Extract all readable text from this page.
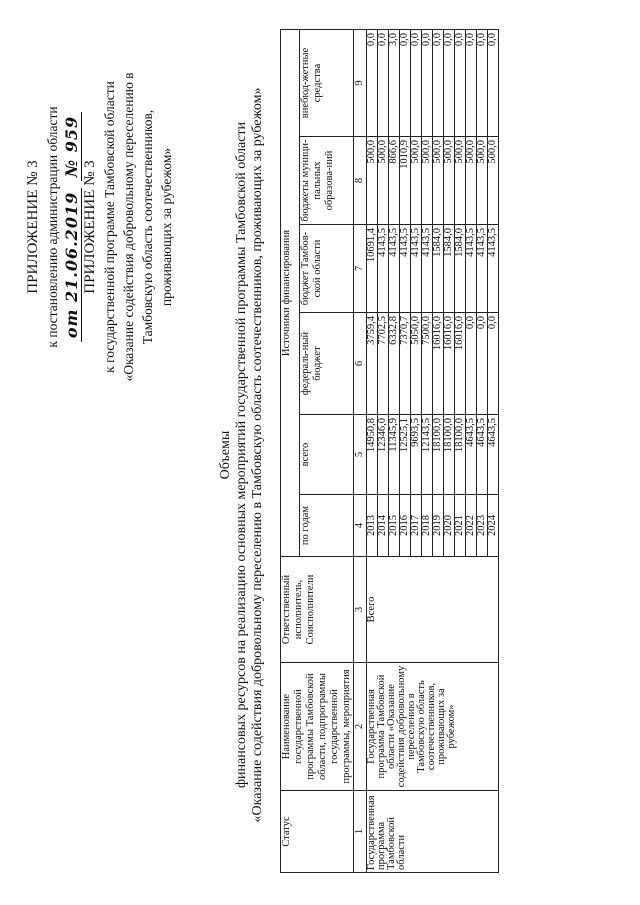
ПРИЛОЖЕНИЕ № 3 к постановлению администрации области от 21.06.2019 № 959
ПРИЛОЖЕНИЕ № 3 к государственной программе Тамбовской области «Оказание содействия добровольному переселению в Тамбовскую область соотечественников, проживающих за рубежом»
Объемы финансовых ресурсов на реализацию основных мероприятий государственной программы Тамбовской области «Оказание содействия добровольному переселению в Тамбовскую область соотечественников, проживающих за рубежом»
Статус	Наименование государственной программы Тамбовской области, подпрограммы государственной программы, мероприятия	Ответственный исполнитель, Соисполнители	Источники финансирования					
			по годам	всего	федераль-ный бюджет	бюджет Тамбов-ской области	бюджеты муници-пальных образова-ний	внебюд-жетные средства
1	2	3	4	5	6	7	8	9
Государственная программа Тамбовской области	Государственная программа Тамбовской области «Оказание содействия добровольному переселению в Тамбовскую область соотечественников, проживающих за рубежом»	Всего	2013	14950,8	3759,4	10691,4	500,0	0,0
			2014	12346,0	7702,5	4143,5	500,0	0,0
			2015	11345,9	6332,8	4143,5	866,6	3,0
			2016	12525,1	7370,7	4143,5	1010,9	0,0
			2017	9693,5	5050,0	4143,5	500,0	0,0
			2018	12143,5	7500,0	4143,5	500,0	0,0
			2019	18100,0	16016,0	1584,0	500,0	0,0
			2020	18100,0	16016,0	1584,0	500,0	0,0
			2021	18100,0	16016,0	1584,0	500,0	0,0
			2022	4643,5	0,0	4143,5	500,0	0,0
			2023	4643,5	0,0	4143,5	500,0	0,0
			2024	4643,5	0,0	4143,5	500,0	0,0
